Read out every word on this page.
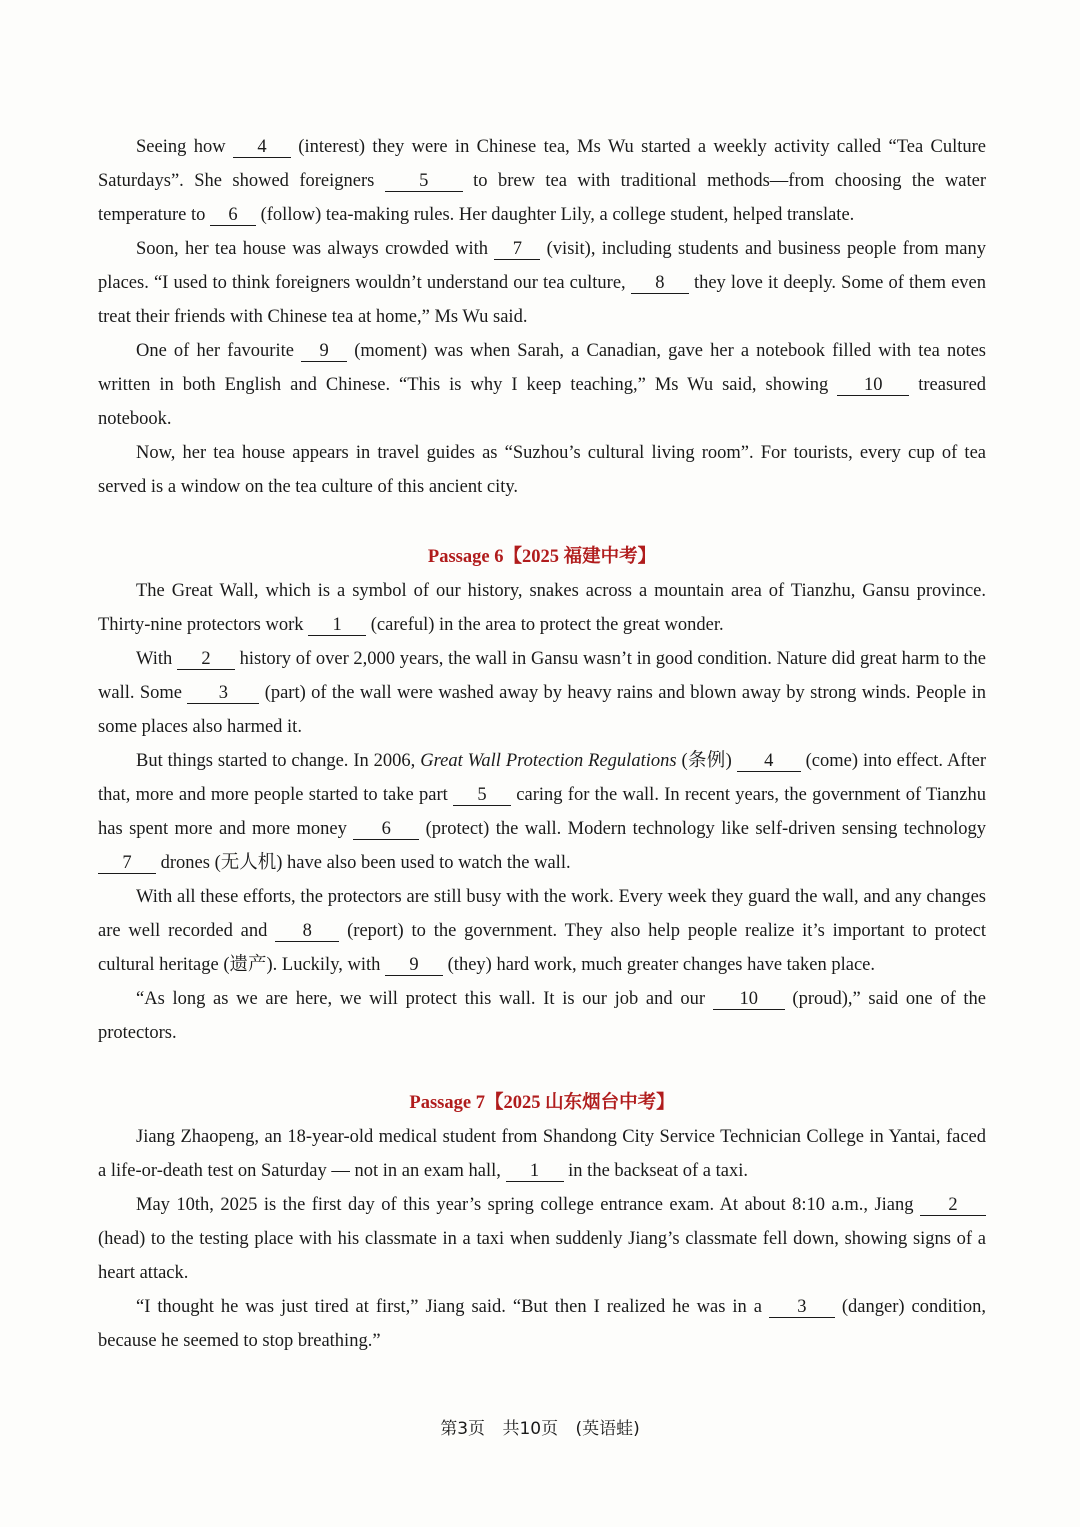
Seeing how 4 (interest) they were in Chinese tea, Ms Wu started a weekly activity called “Tea Culture Saturdays”. She showed foreigners 5 to brew tea with traditional methods—from choosing the water temperature to 6 (follow) tea-making rules. Her daughter Lily, a college student, helped translate.

Soon, her tea house was always crowded with 7 (visit), including students and business people from many places. “I used to think foreigners wouldn’t understand our tea culture, 8 they love it deeply. Some of them even treat their friends with Chinese tea at home,” Ms Wu said.

One of her favourite 9 (moment) was when Sarah, a Canadian, gave her a notebook filled with tea notes written in both English and Chinese. “This is why I keep teaching,” Ms Wu said, showing 10 treasured notebook.

Now, her tea house appears in travel guides as “Suzhou’s cultural living room”. For tourists, every cup of tea served is a window on the tea culture of this ancient city.

Passage 6【2025 福建中考】

The Great Wall, which is a symbol of our history, snakes across a mountain area of Tianzhu, Gansu province. Thirty-nine protectors work 1 (careful) in the area to protect the great wonder.

With 2 history of over 2,000 years, the wall in Gansu wasn’t in good condition. Nature did great harm to the wall. Some 3 (part) of the wall were washed away by heavy rains and blown away by strong winds. People in some places also harmed it.

But things started to change. In 2006, Great Wall Protection Regulations (条例) 4 (come) into effect. After that, more and more people started to take part 5 caring for the wall. In recent years, the government of Tianzhu has spent more and more money 6 (protect) the wall. Modern technology like self-driven sensing technology 7 drones (无人机) have also been used to watch the wall.

With all these efforts, the protectors are still busy with the work. Every week they guard the wall, and any changes are well recorded and 8 (report) to the government. They also help people realize it’s important to protect cultural heritage (遗产). Luckily, with 9 (they) hard work, much greater changes have taken place.

“As long as we are here, we will protect this wall. It is our job and our 10 (proud),” said one of the protectors.

Passage 7【2025 山东烟台中考】

Jiang Zhaopeng, an 18-year-old medical student from Shandong City Service Technician College in Yantai, faced a life-or-death test on Saturday — not in an exam hall, 1 in the backseat of a taxi.

May 10th, 2025 is the first day of this year’s spring college entrance exam. At about 8:10 a.m., Jiang 2 (head) to the testing place with his classmate in a taxi when suddenly Jiang’s classmate fell down, showing signs of a heart attack.

“I thought he was just tired at first,” Jiang said. “But then I realized he was in a 3 (danger) condition, because he seemed to stop breathing.”

第3页 共10页 (英语蛙)
